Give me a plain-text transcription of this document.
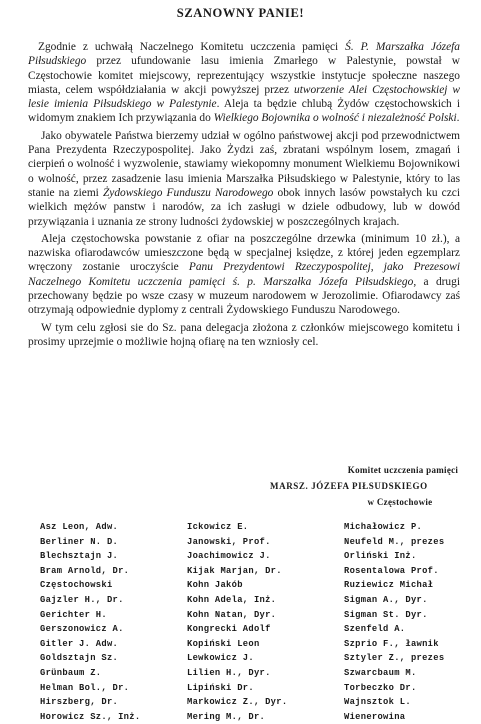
SZANOWNY PANIE!

Zgodnie z uchwałą Naczelnego Komitetu uczczenia pamięci Ś. P. Marszałka Józefa Piłsudskiego przez ufundowanie lasu imienia Zmarłego w Palestynie, powstał w Częstochowie komitet miejscowy, reprezentujący wszystkie instytucje społeczne naszego miasta, celem współdziałania w akcji powyższej przez utworzenie Alei Częstochowskiej w lesie imienia Piłsudskiego w Palestynie. Aleja ta będzie chlubą Żydów częstochowskich i widomym znakiem Ich przywiązania do Wielkiego Bojownika o wolność i niezależność Polski.

Jako obywatele Państwa bierzemy udział w ogólno państwowej akcji pod przewodnictwem Pana Prezydenta Rzeczypospolitej. Jako Żydzi zaś, zbratani wspólnym losem, zmagań i cierpień o wolność i wyzwolenie, stawiamy wiekopomny monument Wielkiemu Bojownikowi o wolność, przez zasadzenie lasu imienia Marszałka Piłsudskiego w Palestynie, który to las stanie na ziemi Żydowskiego Funduszu Narodowego obok innych lasów powstałych ku czci wielkich mężów panstw i narodów, za ich zasługi w dziele odbudowy, lub w dowód przywiązania i uznania ze strony ludności żydowskiej w poszczególnych krajach.

Aleja częstochowska powstanie z ofiar na poszczególne drzewka (minimum 10 zł.), a nazwiska ofiarodawców umieszczone będą w specjalnej księdze, z której jeden egzemplarz wręczony zostanie uroczyście Panu Prezydentowi Rzeczypospolitej, jako Prezesowi Naczelnego Komitetu uczczenia pamięci ś. p. Marszałka Józefa Piłsudskiego, a drugi przechowany będzie po wsze czasy w muzeum narodowem w Jerozolimie. Ofiarodawcy zaś otrzymają odpowiednie dyplomy z centrali Żydowskiego Funduszu Narodowego.

W tym celu zgłosi sie do Sz. pana delegacja złożona z członków miejscowego komitetu i prosimy uprzejmie o możliwie hojną ofiarę na ten wzniosły cel.

Komitet uczczenia pamięci
MARSZ. JÓZEFA PIŁSUDSKIEGO
w Częstochowie
Asz Leon, Adw.
Berliner N. D.
Blechsztajn J.
Bram Arnold, Dr.
Częstochowski
Gajzler H., Dr.
Gerichter H.
Gerszonowicz A.
Gitler J. Adw.
Goldsztajn Sz.
Grünbaum Z.
Helman Bol., Dr.
Hirszberg, Dr.
Horowicz Sz., Inż.
Ickowicz E.
Janowski, Prof.
Joachimowicz J.
Kijak Marjan, Dr.
Kohn Jakób
Kohn Adela, Inż.
Kohn Natan, Dyr.
Kongrecki Adolf
Kopiński Leon
Lewkowicz J.
Lilien H., Dyr.
Lipiński Dr.
Markowicz Z., Dyr.
Mering M., Dr.
Michałowicz P.
Neufeld M., prezes
Orliński Inż.
Rosentalowa Prof.
Ruziewicz Michał
Sigman A., Dyr.
Sigman St. Dyr.
Szenfeld A.
Szprio F., ławnik
Sztyler Z., prezes
Szwarcbaum M.
Torbeczko Dr.
Wajnsztok L.
Wienerowina
